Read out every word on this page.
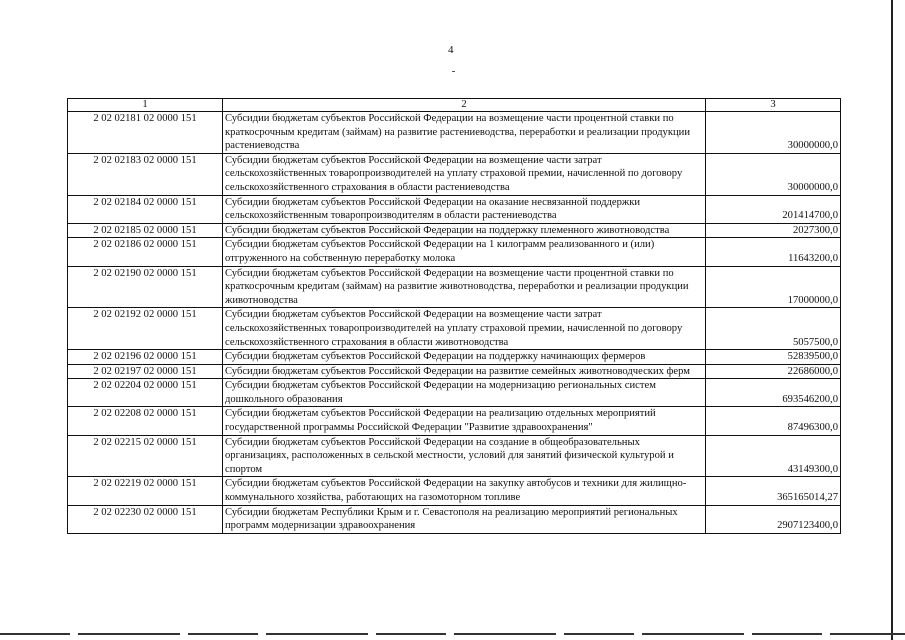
4
1	2	3
2 02 02181 02 0000 151	Субсидии бюджетам субъектов Российской Федерации на возмещение части процентной ставки по краткосрочным кредитам (займам) на развитие растениеводства, переработки и реализации продукции растениеводства	30000000,0
2 02 02183 02 0000 151	Субсидии бюджетам субъектов Российской Федерации на возмещение части затрат сельскохозяйственных товаропроизводителей на уплату страховой премии, начисленной по договору сельскохозяйственного страхования в области растениеводства	30000000,0
2 02 02184 02 0000 151	Субсидии бюджетам субъектов Российской Федерации на оказание несвязанной поддержки сельскохозяйственным товаропроизводителям в области растениеводства	201414700,0
2 02 02185 02 0000 151	Субсидии бюджетам субъектов Российской Федерации на поддержку племенного животноводства	2027300,0
2 02 02186 02 0000 151	Субсидии бюджетам субъектов Российской Федерации на 1 килограмм реализованного и (или) отгруженного на собственную переработку молока	11643200,0
2 02 02190 02 0000 151	Субсидии бюджетам субъектов Российской Федерации на возмещение части процентной ставки по краткосрочным кредитам (займам) на развитие животноводства, переработки и реализации продукции животноводства	17000000,0
2 02 02192 02 0000 151	Субсидии бюджетам субъектов Российской Федерации на возмещение части затрат сельскохозяйственных товаропроизводителей на уплату страховой премии, начисленной по договору сельскохозяйственного страхования в области животноводства	5057500,0
2 02 02196 02 0000 151	Субсидии бюджетам субъектов Российской Федерации на поддержку начинающих фермеров	52839500,0
2 02 02197 02 0000 151	Субсидии бюджетам субъектов Российской Федерации на развитие семейных животноводческих ферм	22686000,0
2 02 02204 02 0000 151	Субсидии бюджетам субъектов Российской Федерации на модернизацию региональных систем дошкольного образования	693546200,0
2 02 02208 02 0000 151	Субсидии бюджетам субъектов Российской Федерации на реализацию отдельных мероприятий государственной программы Российской Федерации "Развитие здравоохранения"	87496300,0
2 02 02215 02 0000 151	Субсидии бюджетам субъектов Российской Федерации на создание в общеобразовательных организациях, расположенных в сельской местности, условий для занятий физической культурой и спортом	43149300,0
2 02 02219 02 0000 151	Субсидии бюджетам субъектов Российской Федерации на закупку автобусов и техники для жилищно-коммунального хозяйства, работающих на газомоторном топливе	365165014,27
2 02 02230 02 0000 151	Субсидии бюджетам Республики Крым и г. Севастополя на реализацию мероприятий региональных программ модернизации здравоохранения	2907123400,0
